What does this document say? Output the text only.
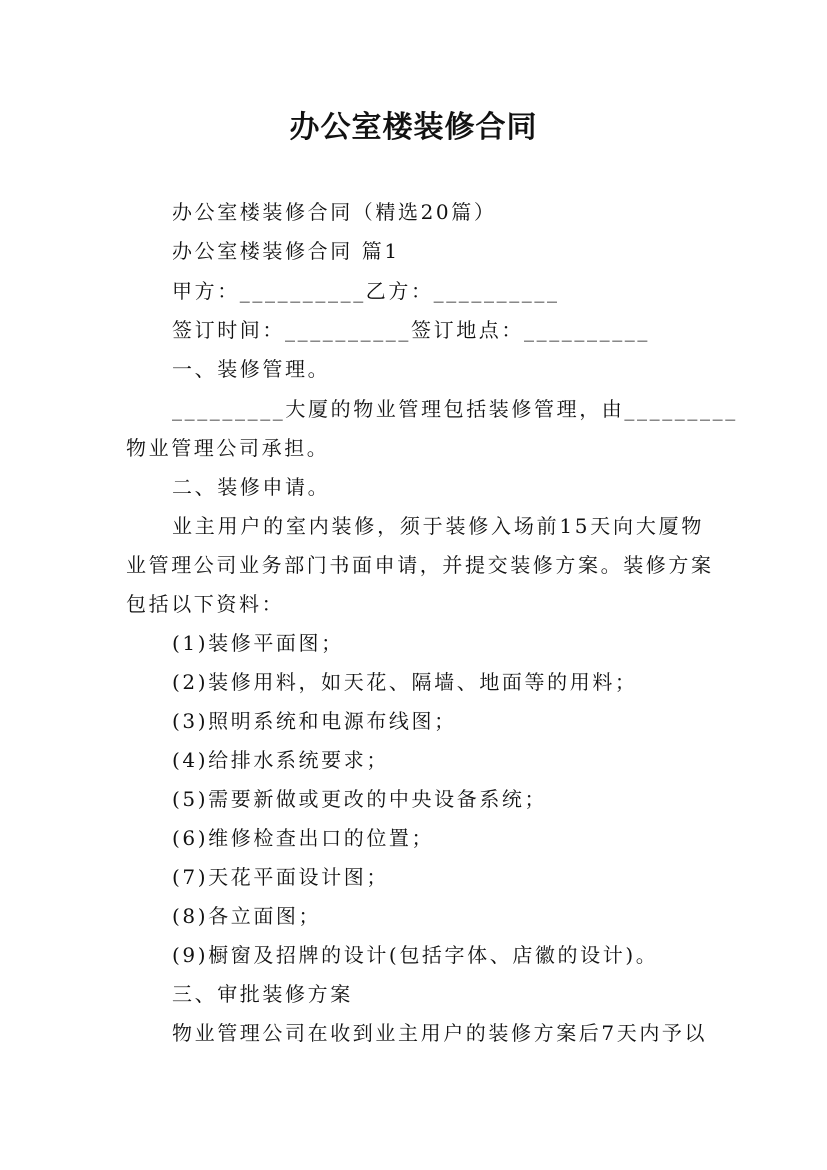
办公室楼装修合同
办公室楼装修合同（精选20篇）
办公室楼装修合同 篇1
甲方：__________乙方：__________
签订时间：__________签订地点：__________
一、装修管理。
_________大厦的物业管理包括装修管理，由_________
物业管理公司承担。
二、装修申请。
业主用户的室内装修，须于装修入场前15天向大厦物
业管理公司业务部门书面申请，并提交装修方案。装修方案
包括以下资料：
(1)装修平面图；
(2)装修用料，如天花、隔墙、地面等的用料；
(3)照明系统和电源布线图；
(4)给排水系统要求；
(5)需要新做或更改的中央设备系统；
(6)维修检查出口的位置；
(7)天花平面设计图；
(8)各立面图；
(9)橱窗及招牌的设计(包括字体、店徽的设计)。
三、审批装修方案
物业管理公司在收到业主用户的装修方案后7天内予以
